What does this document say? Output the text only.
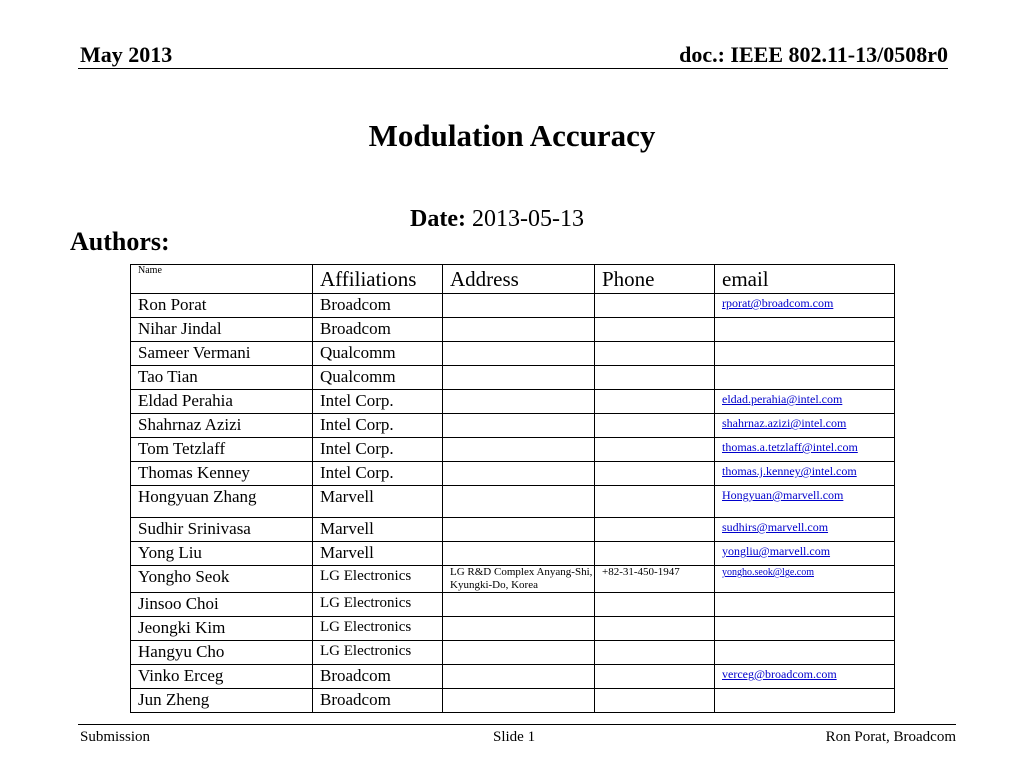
May 2013	doc.: IEEE 802.11-13/0508r0
Modulation Accuracy
Date: 2013-05-13
Authors:
Name	Affiliations	Address	Phone	email
Ron Porat	Broadcom			rporat@broadcom.com
Nihar Jindal	Broadcom			
Sameer Vermani	Qualcomm			
Tao Tian	Qualcomm			
Eldad Perahia	Intel Corp.			eldad.perahia@intel.com
Shahrnaz Azizi	Intel Corp.			shahrnaz.azizi@intel.com
Tom Tetzlaff	Intel Corp.			thomas.a.tetzlaff@intel.com
Thomas Kenney	Intel Corp.			thomas.j.kenney@intel.com
Hongyuan Zhang	Marvell			Hongyuan@marvell.com
Sudhir Srinivasa	Marvell			sudhirs@marvell.com
Yong Liu	Marvell			yongliu@marvell.com
Yongho Seok	LG Electronics	LG R&D Complex Anyang-Shi, Kyungki-Do, Korea	+82-31-450-1947	yongho.seok@lge.com
Jinsoo Choi	LG Electronics			
Jeongki Kim	LG Electronics			
Hangyu Cho	LG Electronics			
Vinko Erceg	Broadcom			verceg@broadcom.com
Jun Zheng	Broadcom			
Submission	Slide 1	Ron Porat, Broadcom
